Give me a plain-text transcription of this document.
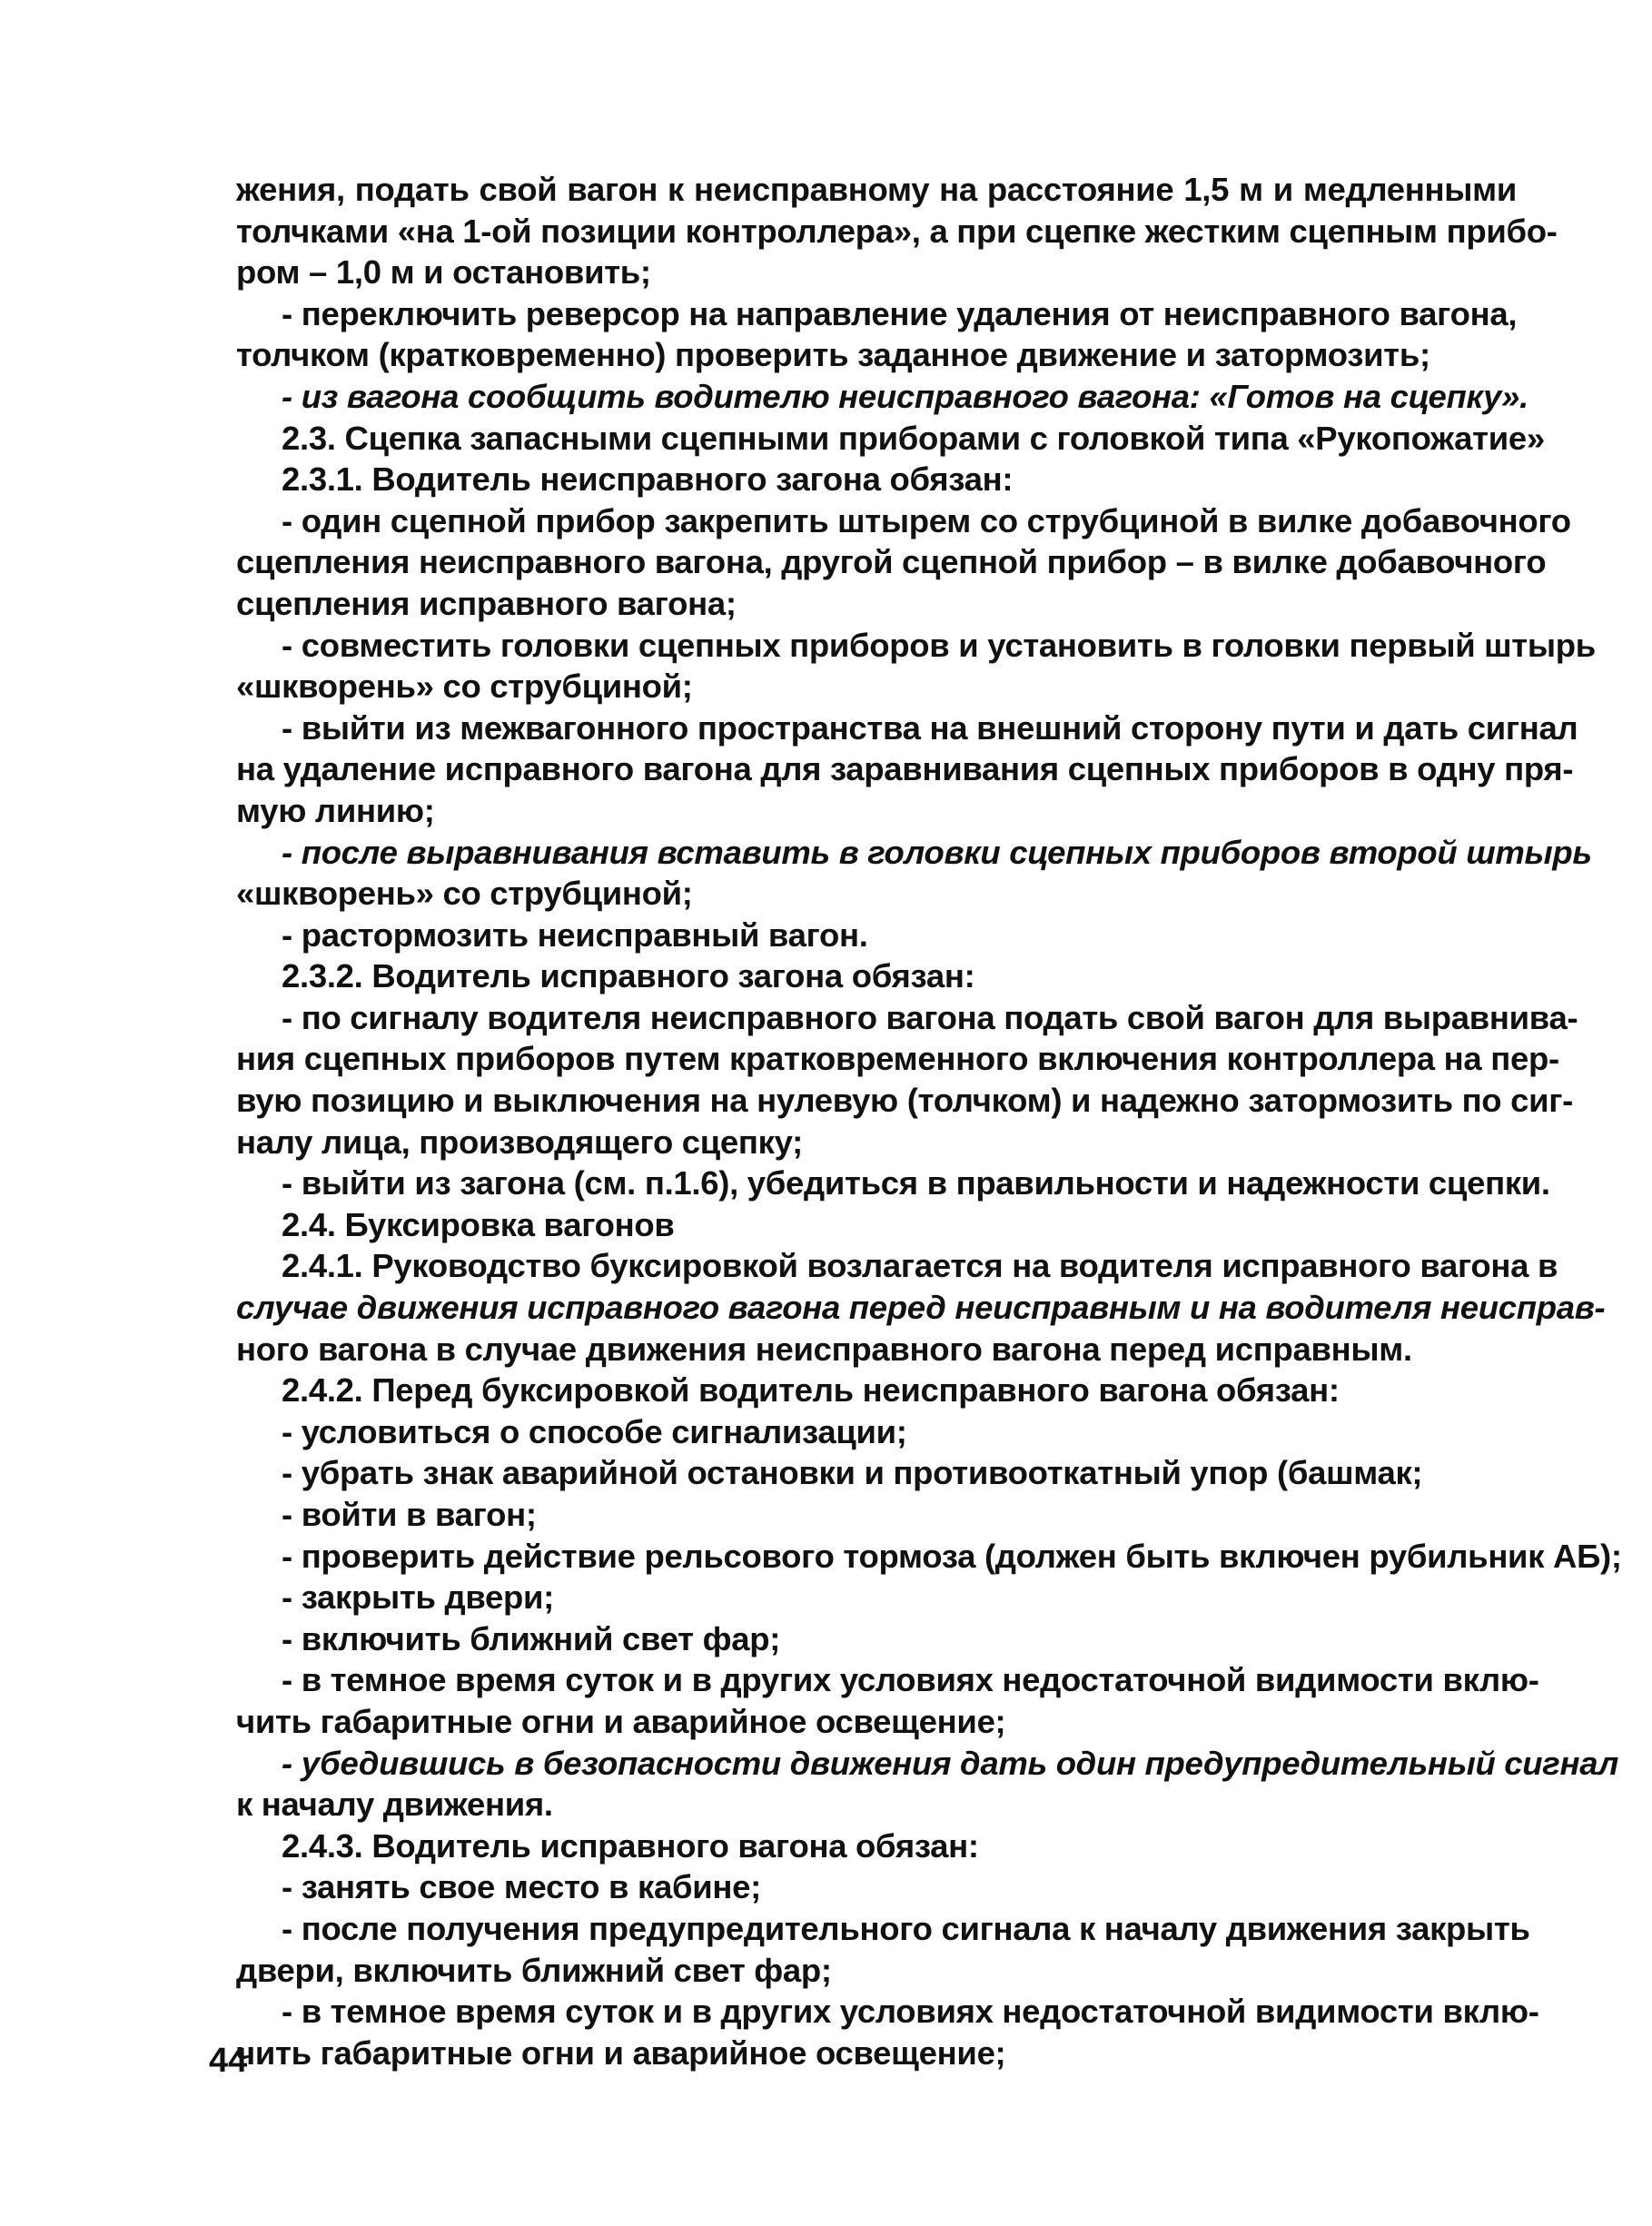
жения, подать свой вагон к неисправному на расстояние 1,5 м и медленными
толчками «на 1-ой позиции контроллера», а при сцепке жестким сцепным прибо-
ром – 1,0 м и остановить;
- переключить реверсор на направление удаления от неисправного вагона,
толчком (кратковременно) проверить заданное движение и затормозить;
- из вагона сообщить водителю неисправного вагона: «Готов на сцепку».
2.3. Сцепка запасными сцепными приборами с головкой типа «Рукопожатие»
2.3.1. Водитель неисправного загона обязан:
- один сцепной прибор закрепить штырем со струбциной в вилке добавочного
сцепления неисправного вагона, другой сцепной прибор – в вилке добавочного
сцепления исправного вагона;
- совместить головки сцепных приборов и установить в головки первый штырь
«шкворень» со струбциной;
- выйти из межвагонного пространства на внешний сторону пути и дать сигнал
на удаление исправного вагона для заравнивания сцепных приборов в одну пря-
мую линию;
- после выравнивания вставить в головки сцепных приборов второй штырь
«шкворень» со струбциной;
- растормозить неисправный вагон.
2.3.2. Водитель исправного загона обязан:
- по сигналу водителя неисправного вагона подать свой вагон для выравнива-
ния сцепных приборов путем кратковременного включения контроллера на пер-
вую позицию и выключения на нулевую (толчком) и надежно затормозить по сиг-
налу лица, производящего сцепку;
- выйти из загона (см. п.1.6), убедиться в правильности и надежности сцепки.
2.4. Буксировка вагонов
2.4.1. Руководство буксировкой возлагается на водителя исправного вагона в
случае движения исправного вагона перед неисправным и на водителя неисправ-
ного вагона в случае движения неисправного вагона перед исправным.
2.4.2. Перед буксировкой водитель неисправного вагона обязан:
- условиться о способе сигнализации;
- убрать знак аварийной остановки и противооткатный упор (башмак;
- войти в вагон;
- проверить действие рельсового тормоза (должен быть включен рубильник АБ);
- закрыть двери;
- включить ближний свет фар;
- в темное время суток и в других условиях недостаточной видимости вклю-
чить габаритные огни и аварийное освещение;
- убедившись в безопасности движения дать один предупредительный сигнал
к началу движения.
2.4.3. Водитель исправного вагона обязан:
- занять свое место в кабине;
- после получения предупредительного сигнала к началу движения закрыть
двери, включить ближний свет фар;
- в темное время суток и в других условиях недостаточной видимости вклю-
чить габаритные огни и аварийное освещение;
44
